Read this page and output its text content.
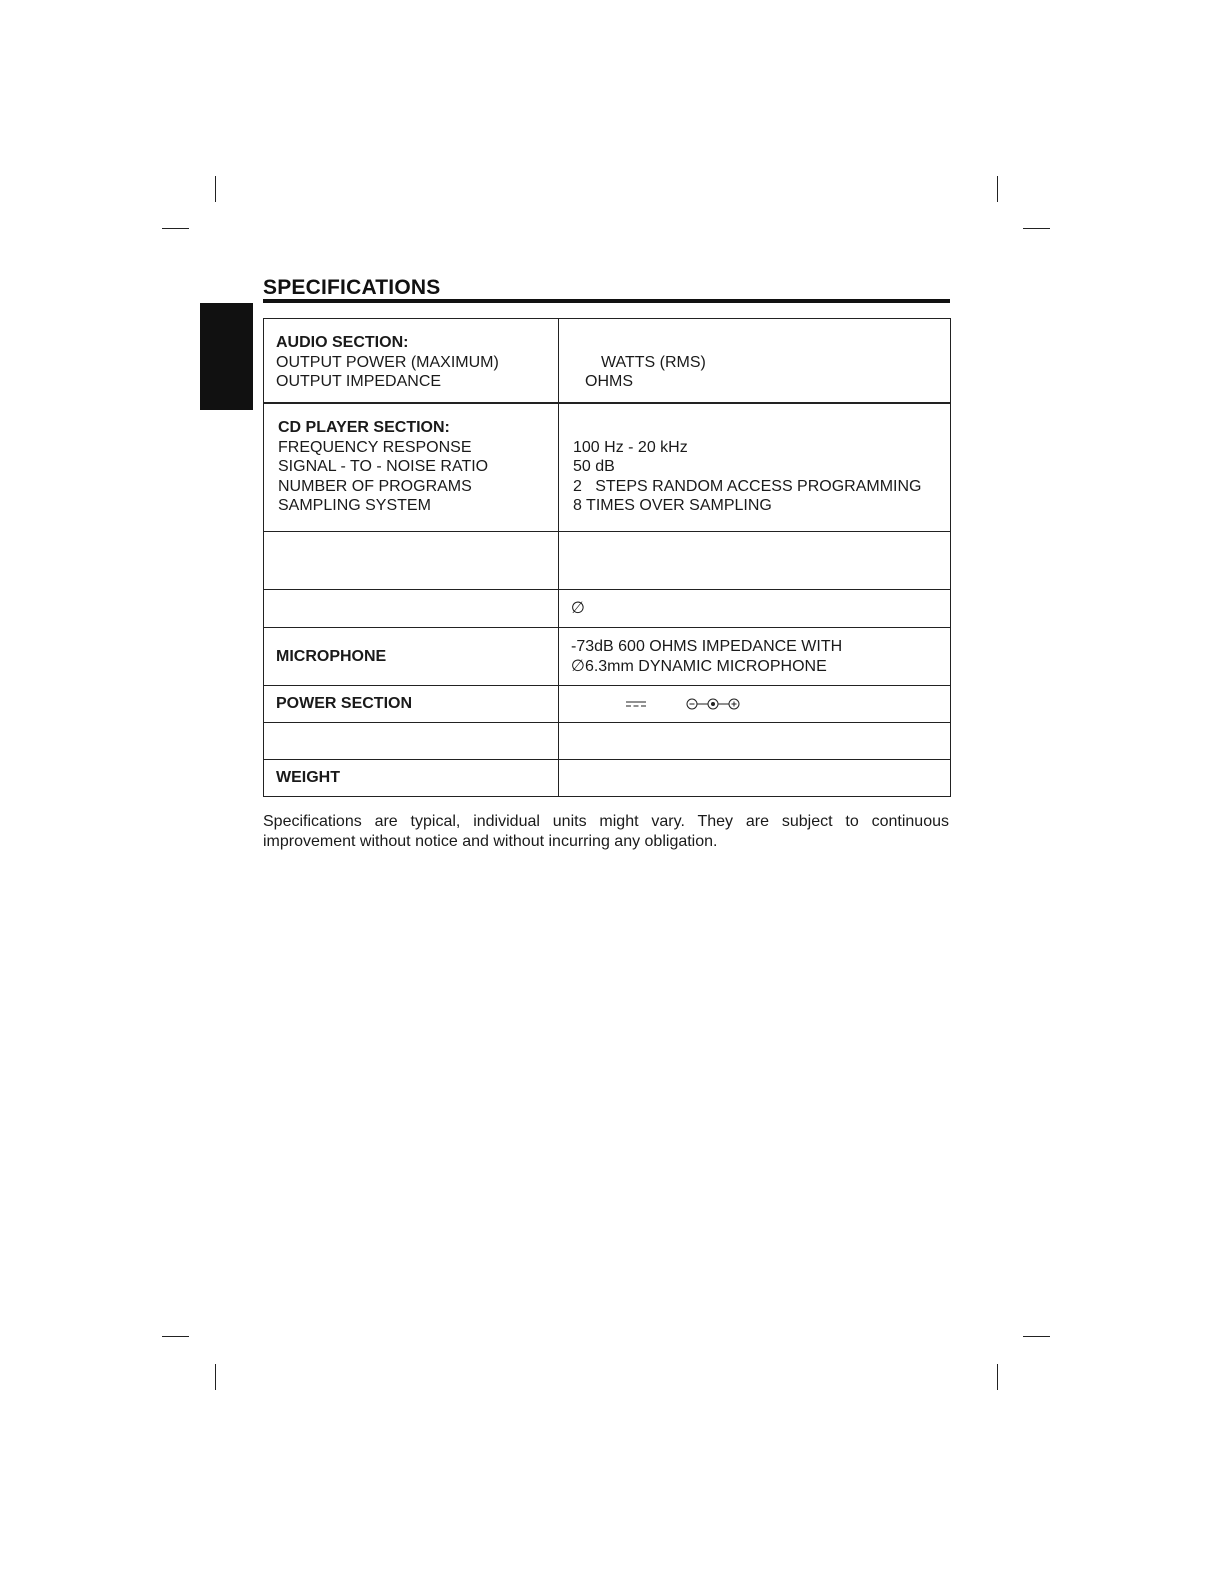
SPECIFICATIONS
AUDIO SECTION:
OUTPUT POWER (MAXIMUM)
OUTPUT IMPEDANCE
WATTS (RMS)
OHMS
CD PLAYER SECTION:
FREQUENCY RESPONSE
SIGNAL - TO - NOISE RATIO
NUMBER OF PROGRAMS
SAMPLING SYSTEM
100 Hz - 20 kHz
50 dB
2   STEPS RANDOM ACCESS PROGRAMMING
8 TIMES OVER SAMPLING
∅
MICROPHONE
-73dB 600 OHMS IMPEDANCE WITH
∅6.3mm DYNAMIC MICROPHONE
POWER SECTION
WEIGHT
Specifications are typical, individual units might vary. They are subject to continuous
improvement without notice and without incurring any obligation.
